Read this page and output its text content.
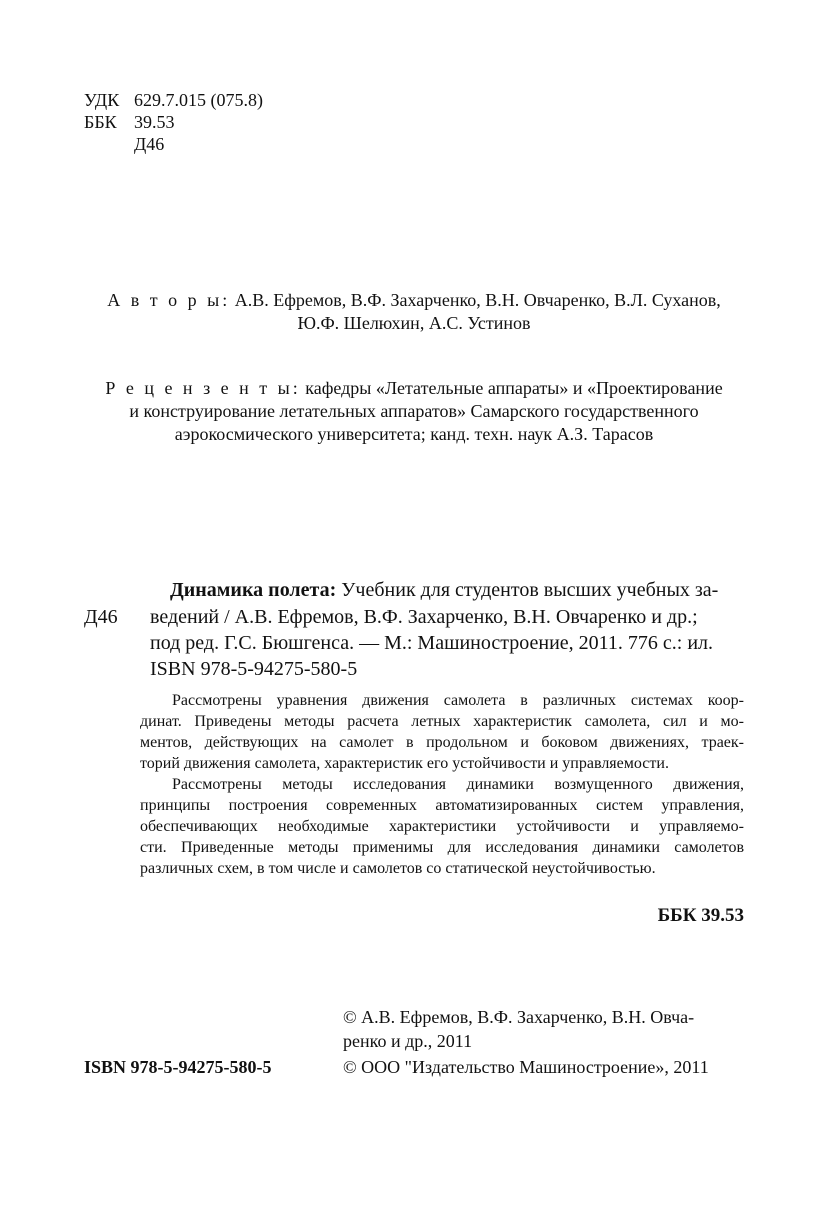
УДК 629.7.015 (075.8)
ББК 39.53
Д46
А в т о р ы: А.В. Ефремов, В.Ф. Захарченко, В.Н. Овчаренко, В.Л. Суханов,
Ю.Ф. Шелюхин, А.С. Устинов
Р е ц е н з е н т ы: кафедры «Летательные аппараты» и «Проектирование
и конструирование летательных аппаратов» Самарского государственного
аэрокосмического университета; канд. техн. наук А.З. Тарасов
Динамика полета: Учебник для студентов высших учебных за-
Д46 ведений / А.В. Ефремов, В.Ф. Захарченко, В.Н. Овчаренко и др.;
под ред. Г.С. Бюшгенса. — М.: Машиностроение, 2011. 776 с.: ил.
ISBN 978-5-94275-580-5
Рассмотрены уравнения движения самолета в различных системах коор-
динат. Приведены методы расчета летных характеристик самолета, сил и мо-
ментов, действующих на самолет в продольном и боковом движениях, траек-
торий движения самолета, характеристик его устойчивости и управляемости.
Рассмотрены методы исследования динамики возмущенного движения,
принципы построения современных автоматизированных систем управления,
обеспечивающих необходимые характеристики устойчивости и управляемо-
сти. Приведенные методы применимы для исследования динамики самолетов
различных схем, в том числе и самолетов со статической неустойчивостью.
ББК 39.53
© А.В. Ефремов, В.Ф. Захарченко, В.Н. Овча-
ренко и др., 2011
ISBN 978-5-94275-580-5	© ООО "Издательство Машиностроение», 2011
